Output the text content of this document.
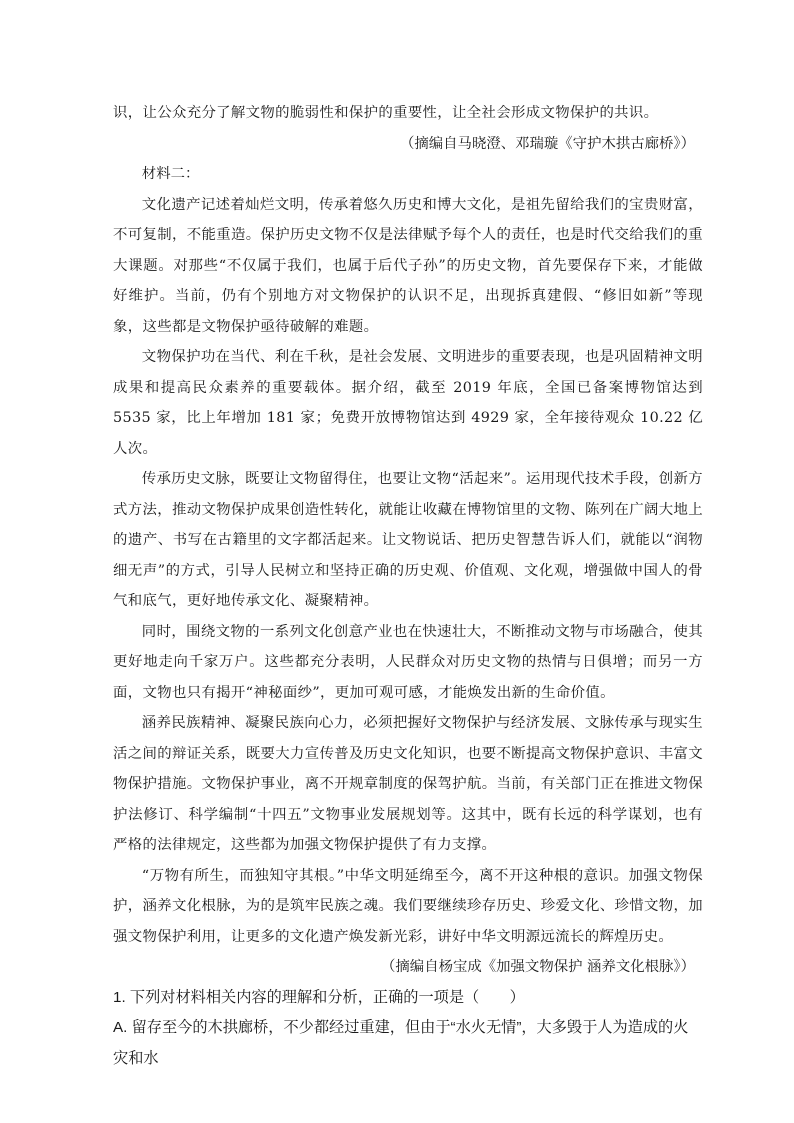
识，让公众充分了解文物的脆弱性和保护的重要性，让全社会形成文物保护的共识。

（摘编自马晓澄、邓瑞璇《守护木拱古廊桥》）

材料二：

文化遗产记述着灿烂文明，传承着悠久历史和博大文化，是祖先留给我们的宝贵财富，不可复制，不能重造。保护历史文物不仅是法律赋予每个人的责任，也是时代交给我们的重大课题。对那些“不仅属于我们，也属于后代子孙”的历史文物，首先要保存下来，才能做好维护。当前，仍有个别地方对文物保护的认识不足，出现拆真建假、“修旧如新”等现象，这些都是文物保护亟待破解的难题。

文物保护功在当代、利在千秋，是社会发展、文明进步的重要表现，也是巩固精神文明成果和提高民众素养的重要载体。据介绍，截至 2019 年底，全国已备案博物馆达到 5535 家，比上年增加 181 家；免费开放博物馆达到 4929 家，全年接待观众 10.22 亿人次。

传承历史文脉，既要让文物留得住，也要让文物“活起来”。运用现代技术手段，创新方式方法，推动文物保护成果创造性转化，就能让收藏在博物馆里的文物、陈列在广阔大地上的遗产、书写在古籍里的文字都活起来。让文物说话、把历史智慧告诉人们，就能以“润物细无声”的方式，引导人民树立和坚持正确的历史观、价值观、文化观，增强做中国人的骨气和底气，更好地传承文化、凝聚精神。

同时，围绕文物的一系列文化创意产业也在快速壮大，不断推动文物与市场融合，使其更好地走向千家万户。这些都充分表明，人民群众对历史文物的热情与日俱增；而另一方面，文物也只有揭开“神秘面纱”，更加可观可感，才能焕发出新的生命价值。

涵养民族精神、凝聚民族向心力，必须把握好文物保护与经济发展、文脉传承与现实生活之间的辩证关系，既要大力宣传普及历史文化知识，也要不断提高文物保护意识、丰富文物保护措施。文物保护事业，离不开规章制度的保驾护航。当前，有关部门正在推进文物保护法修订、科学编制“十四五”文物事业发展规划等。这其中，既有长远的科学谋划，也有严格的法律规定，这些都为加强文物保护提供了有力支撑。

“万物有所生，而独知守其根。”中华文明延绵至今，离不开这种根的意识。加强文物保护，涵养文化根脉，为的是筑牢民族之魂。我们要继续珍存历史、珍爱文化、珍惜文物，加强文物保护利用，让更多的文化遗产焕发新光彩，讲好中华文明源远流长的辉煌历史。

（摘编自杨宝成《加强文物保护 涵养文化根脉》）

1. 下列对材料相关内容的理解和分析，正确的一项是（　　）

A. 留存至今的木拱廊桥，不少都经过重建，但由于“水火无情”，大多毁于人为造成的火灾和水
